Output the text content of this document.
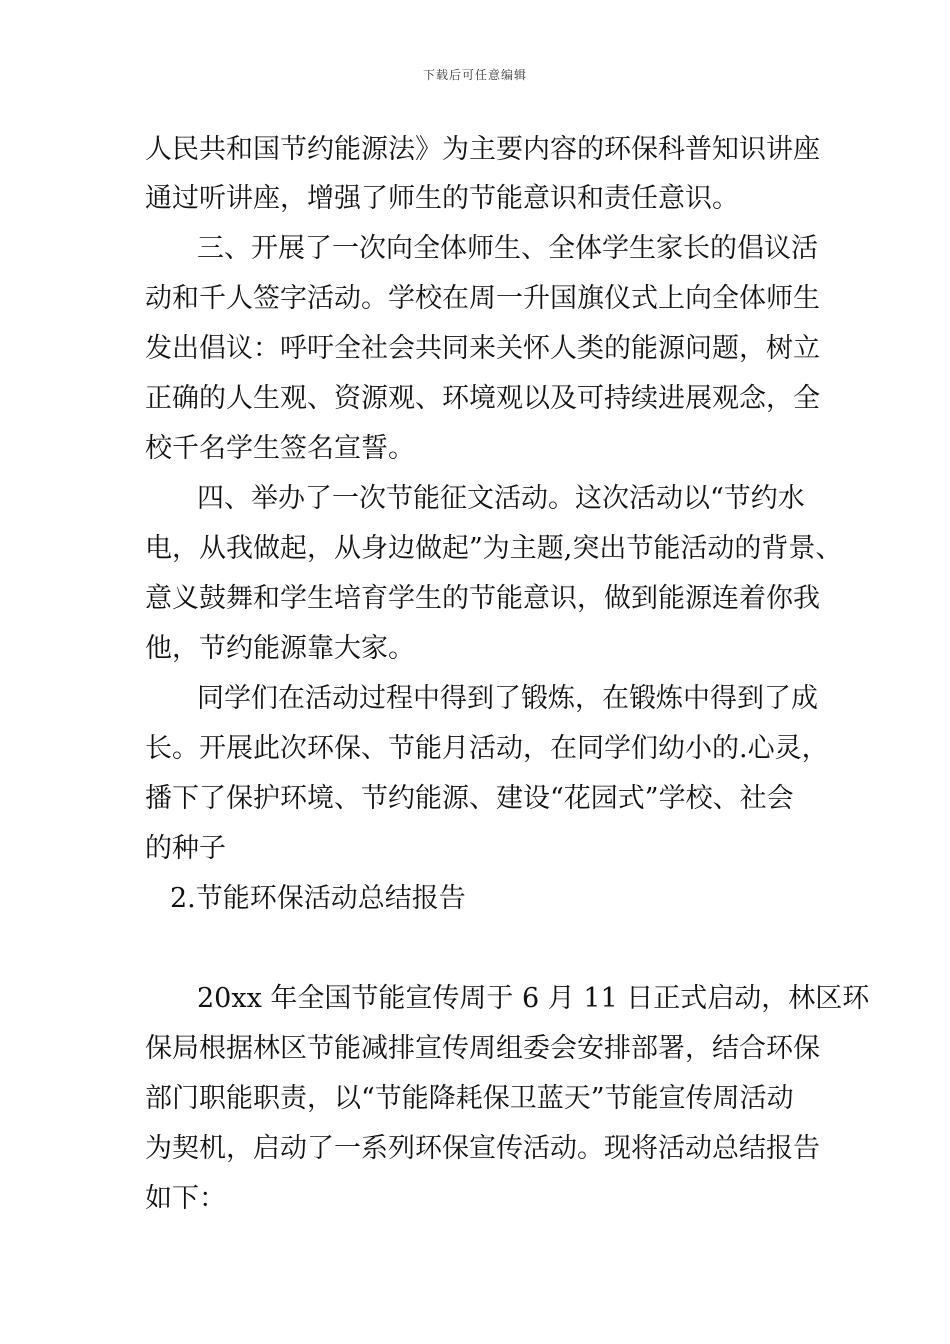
下载后可任意编辑
人民共和国节约能源法》为主要内容的环保科普知识讲座
通过听讲座，增强了师生的节能意识和责任意识。
三、开展了一次向全体师生、全体学生家长的倡议活
动和千人签字活动。学校在周一升国旗仪式上向全体师生
发出倡议：呼吁全社会共同来关怀人类的能源问题，树立
正确的人生观、资源观、环境观以及可持续进展观念，全
校千名学生签名宣誓。
四、举办了一次节能征文活动。这次活动以“节约水
电，从我做起，从身边做起”为主题,突出节能活动的背景、
意义鼓舞和学生培育学生的节能意识，做到能源连着你我
他，节约能源靠大家。
同学们在活动过程中得到了锻炼，在锻炼中得到了成
长。开展此次环保、节能月活动，在同学们幼小的.心灵，
播下了保护环境、节约能源、建设“花园式”学校、社会
的种子
2.节能环保活动总结报告
20xx 年全国节能宣传周于 6 月 11 日正式启动，林区环
保局根据林区节能减排宣传周组委会安排部署，结合环保
部门职能职责，以“节能降耗保卫蓝天”节能宣传周活动
为契机，启动了一系列环保宣传活动。现将活动总结报告
如下：
